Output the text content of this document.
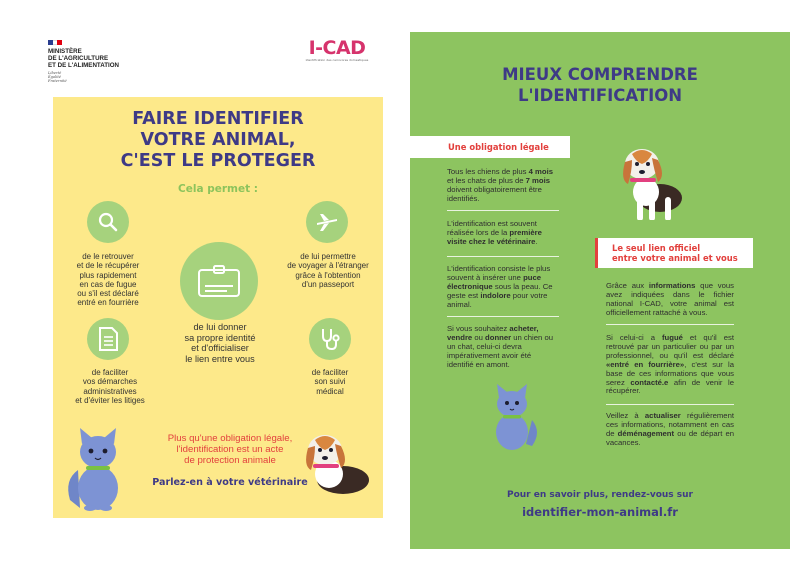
MINISTÈRE
DE L'AGRICULTURE
ET DE L'ALIMENTATION
Liberté
Égalité
Fraternité
I-CAD
Identification des carnivores domestiques
FAIRE IDENTIFIER
VOTRE ANIMAL,
C'EST LE PROTEGER
Cela permet :
de le retrouver
et de le récupérer
plus rapidement
en cas de fugue
ou s'il est déclaré
entré en fourrière
de lui permettre
de voyager à l'étranger
grâce à l'obtention
d'un passeport
de lui donner
sa propre identité
et d'officialiser
le lien entre vous
de faciliter
vos démarches
administratives
et d'éviter les litiges
de faciliter
son suivi
médical
Plus qu'une obligation légale,
l'identification est un acte
de protection animale
Parlez-en à votre vétérinaire
MIEUX COMPRENDRE
L'IDENTIFICATION
Une obligation légale
Tous les chiens de plus 4 mois et les chats de plus de 7 mois doivent obligatoirement être identifiés.
L'identification est souvent réalisée lors de la première visite chez le vétérinaire.
L'identification consiste le plus souvent à insérer une puce électronique sous la peau. Ce geste est indolore pour votre animal.
Si vous souhaitez acheter, vendre ou donner un chien ou un chat, celui-ci devra impérativement avoir été identifié en amont.
Le seul lien officiel
entre votre animal et vous
Grâce aux informations que vous avez indiquées dans le fichier national I-CAD, votre animal est officiellement rattaché à vous.
Si celui-ci a fugué et qu'il est retrouvé par un particulier ou par un professionnel, ou qu'il est déclaré «entré en fourrière», c'est sur la base de ces informations que vous serez contacté.e afin de venir le récupérer.
Veillez à actualiser régulièrement ces informations, notamment en cas de déménagement ou de départ en vacances.
Pour en savoir plus, rendez-vous sur
identifier-mon-animal.fr
